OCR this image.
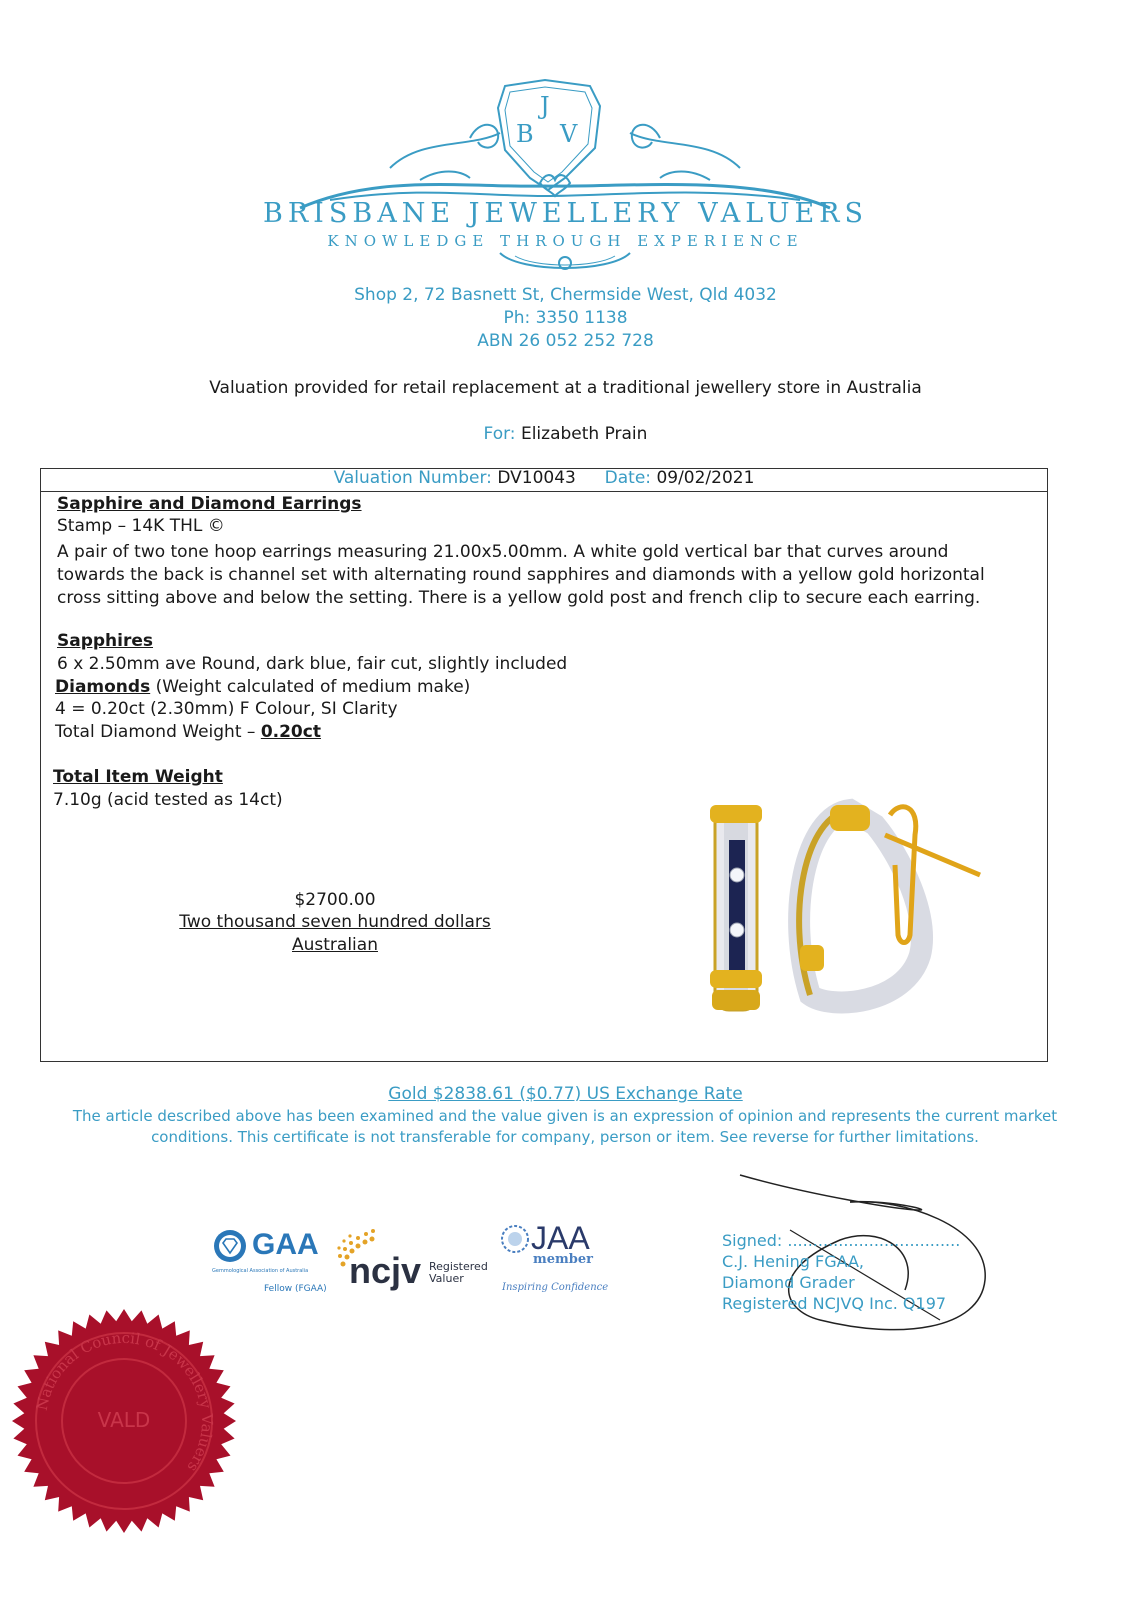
J
B V
BRISBANE JEWELLERY VALUERS
KNOWLEDGE THROUGH EXPERIENCE
Shop 2, 72 Basnett St, Chermside West, Qld 4032
Ph: 3350 1138
ABN 26 052 252 728
Valuation provided for retail replacement at a traditional jewellery store in Australia
For: Elizabeth Prain
Valuation Number: DV10043 Date: 09/02/2021
Sapphire and Diamond Earrings
Stamp – 14K THL ©
A pair of two tone hoop earrings measuring 21.00x5.00mm. A white gold vertical bar that curves around
towards the back is channel set with alternating round sapphires and diamonds with a yellow gold horizontal
cross sitting above and below the setting. There is a yellow gold post and french clip to secure each earring.
Sapphires
6 x 2.50mm ave Round, dark blue, fair cut, slightly included
Diamonds (Weight calculated of medium make)
4 = 0.20ct (2.30mm) F Colour, SI Clarity
Total Diamond Weight – 0.20ct
Total Item Weight
7.10g (acid tested as 14ct)
$2700.00
Two thousand seven hundred dollars
Australian
Gold $2838.61 ($0.77) US Exchange Rate
The article described above has been examined and the value given is an expression of opinion and represents the current market conditions. This certificate is not transferable for company, person or item. See reverse for further limitations.
GAA
Gemmological Association of Australia
Fellow (FGAA) ncjv Registered
Valuer
JAA
member
Inspiring Confidence
Signed: ..................................
C.J. Hening FGAA,
Diamond Grader
Registered NCJVQ Inc. Q197
National Council of Jewellery Valuers
VALD
